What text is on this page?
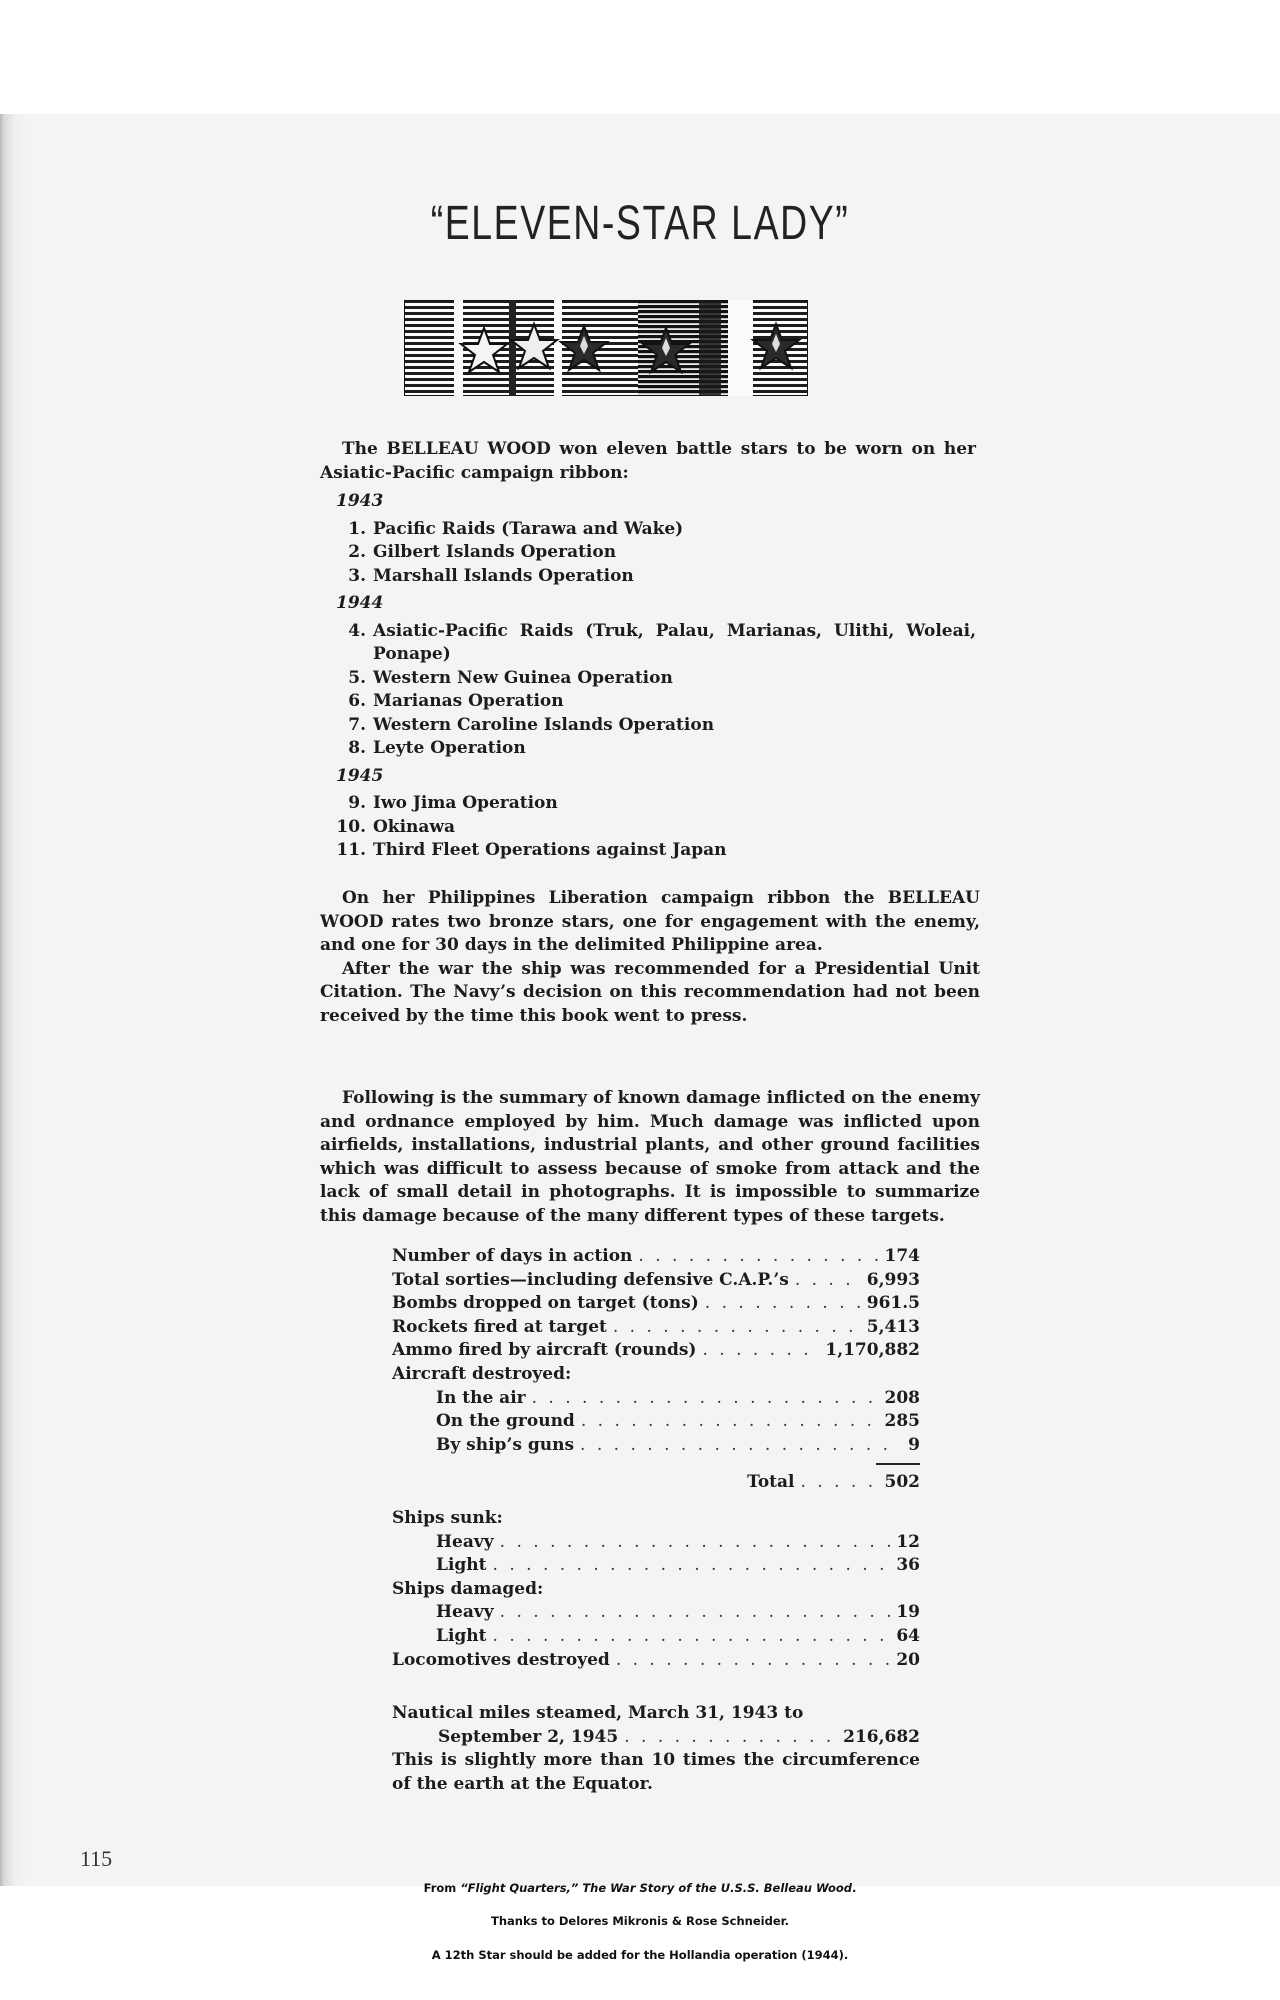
“ELEVEN-STAR LADY”

The BELLEAU WOOD won eleven battle stars to be worn on her Asiatic-Pacific campaign ribbon:

1943
1. Pacific Raids (Tarawa and Wake)
2. Gilbert Islands Operation
3. Marshall Islands Operation
1944
4. Asiatic-Pacific Raids (Truk, Palau, Marianas, Ulithi, Woleai, Ponape)
5. Western New Guinea Operation
6. Marianas Operation
7. Western Caroline Islands Operation
8. Leyte Operation
1945
9. Iwo Jima Operation
10. Okinawa
11. Third Fleet Operations against Japan

On her Philippines Liberation campaign ribbon the BELLEAU WOOD rates two bronze stars, one for engagement with the enemy, and one for 30 days in the delimited Philippine area.

After the war the ship was recommended for a Presidential Unit Citation. The Navy’s decision on this recommendation had not been received by the time this book went to press.

Following is the summary of known damage inflicted on the enemy and ordnance employed by him. Much damage was inflicted upon airfields, installations, industrial plants, and other ground facilities which was difficult to assess because of smoke from attack and the lack of small detail in photographs. It is impossible to summarize this damage because of the many different types of these targets.

Number of days in action . . .	174
Total sorties—including defensive C.A.P.’s . . .	6,993
Bombs dropped on target (tons) . . .	961.5
Rockets fired at target . . .	5,413
Ammo fired by aircraft (rounds) . . .	1,170,882
Aircraft destroyed:
In the air . . .	208
On the ground . . .	285
By ship’s guns . . .	9
Total . . .	502
Ships sunk:
Heavy . . .	12
Light . . .	36
Ships damaged:
Heavy . . .	19
Light . . .	64
Locomotives destroyed . . .	20
Nautical miles steamed, March 31, 1943 to
September 2, 1945 . . .	216,682
This is slightly more than 10 times the circumference of the earth at the Equator.
115
From “Flight Quarters,” The War Story of the U.S.S. Belleau Wood.
Thanks to Delores Mikronis & Rose Schneider.
A 12th Star should be added for the Hollandia operation (1944).
